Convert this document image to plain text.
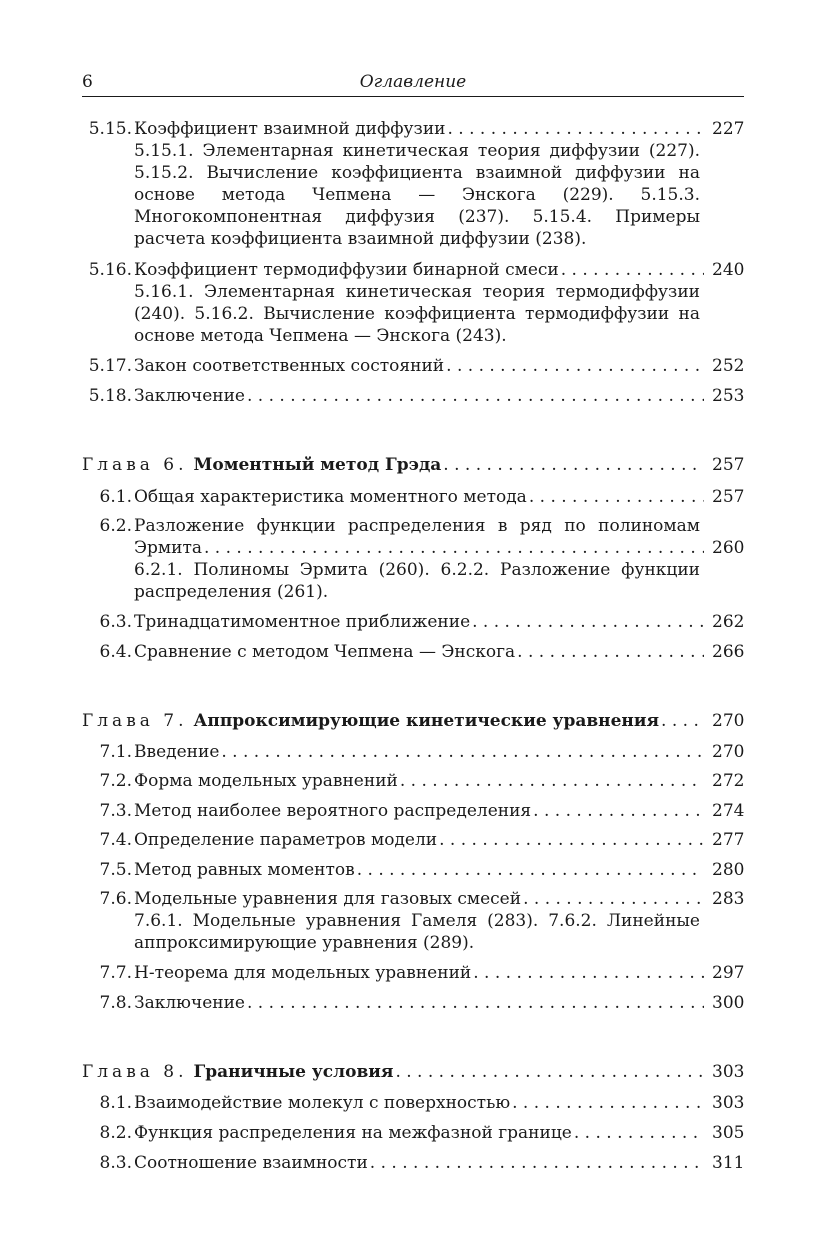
6	Оглавление
5.15. Коэффициент взаимной диффузии . . .	227
5.15.1. Элементарная кинетическая теория диффузии (227). 5.15.2. Вычисление коэффициента взаимной диффузии на основе метода Чепмена — Энскога (229). 5.15.3. Многокомпонентная диффузия (237). 5.15.4. Примеры расчета коэффициента взаимной диффузии (238).
5.16. Коэффициент термодиффузии бинарной смеси . . .	240
5.16.1. Элементарная кинетическая теория термодиффузии (240). 5.16.2. Вычисление коэффициента термодиффузии на основе метода Чепмена — Энскога (243).
5.17. Закон соответственных состояний . . .	252
5.18. Заключение . . .	253
Глава 6. Моментный метод Грэда . . .	257
6.1. Общая характеристика моментного метода . . .	257
6.2. Разложение функции распределения в ряд по полиномам
Эрмита . . .	260
6.2.1. Полиномы Эрмита (260). 6.2.2. Разложение функции распределения (261).
6.3. Тринадцатимоментное приближение . . .	262
6.4. Сравнение с методом Чепмена — Энскога . . .	266
Глава 7. Аппроксимирующие кинетические уравнения . . .	270
7.1. Введение . . .	270
7.2. Форма модельных уравнений . . .	272
7.3. Метод наиболее вероятного распределения . . .	274
7.4. Определение параметров модели . . .	277
7.5. Метод равных моментов . . .	280
7.6. Модельные уравнения для газовых смесей . . .	283
7.6.1. Модельные уравнения Гамеля (283). 7.6.2. Линейные аппроксимирующие уравнения (289).
7.7. H-теорема для модельных уравнений . . .	297
7.8. Заключение . . .	300
Глава 8. Граничные условия . . .	303
8.1. Взаимодействие молекул с поверхностью . . .	303
8.2. Функция распределения на межфазной границе . . .	305
8.3. Соотношение взаимности . . .	311
